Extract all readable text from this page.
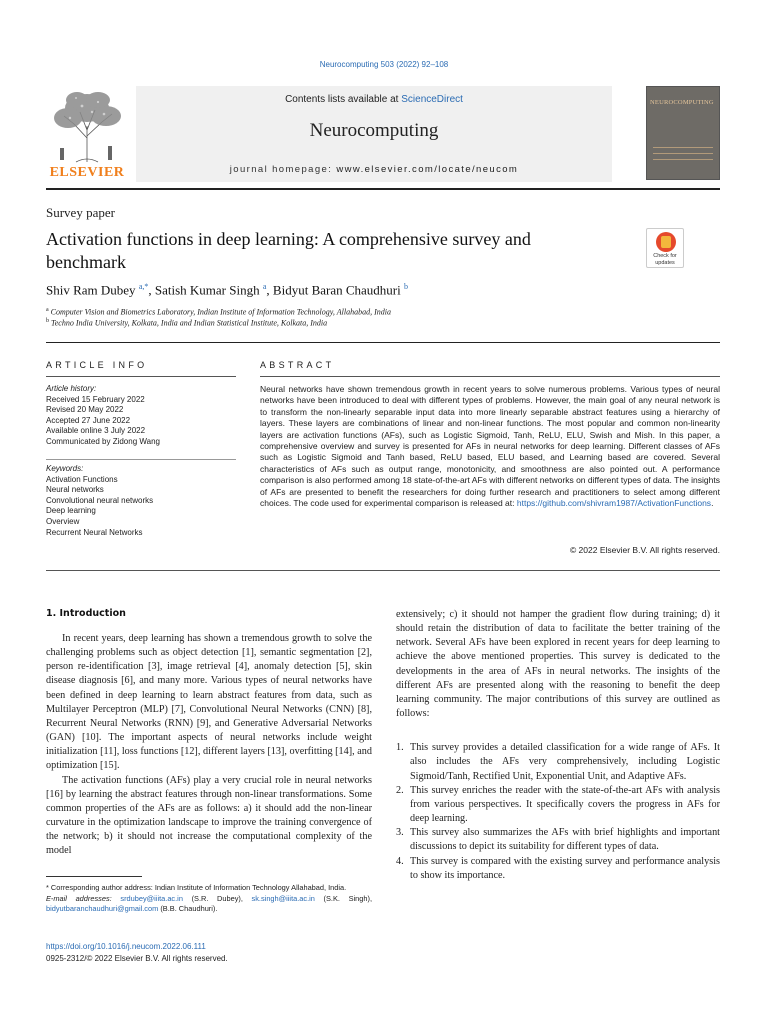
Neurocomputing 503 (2022) 92–108
ELSEVIER
Contents lists available at ScienceDirect
Neurocomputing
journal homepage: www.elsevier.com/locate/neucom
NEUROCOMPUTING
Survey paper
Activation functions in deep learning: A comprehensive survey and
benchmark	Check for
updates
Shiv Ram Dubey $^{a,*}$, Satish Kumar Singh $^a$, Bidyut Baran Chaudhuri $^b$
$^a$ Computer Vision and Biometrics Laboratory, Indian Institute of Information Technology, Allahabad, India
$^b$ Techno India University, Kolkata, India and Indian Statistical Institute, Kolkata, India
ARTICLE INFO	ABSTRACT
Article history:
Received 15 February 2022
Revised 20 May 2022
Accepted 27 June 2022
Available online 3 July 2022
Communicated by Zidong Wang
Keywords:
Activation Functions
Neural networks
Convolutional neural networks
Deep learning
Overview
Recurrent Neural Networks
Neural networks have shown tremendous growth in recent years to solve numerous problems. Various types of neural networks have been introduced to deal with different types of problems. However, the main goal of any neural network is to transform the non-linearly separable input data into more linearly separable abstract features using a hierarchy of layers. These layers are combinations of linear and non-linear functions. The most popular and common non-linearity layers are activation functions (AFs), such as Logistic Sigmoid, Tanh, ReLU, ELU, Swish and Mish. In this paper, a comprehensive overview and survey is presented for AFs in neural networks for deep learning. Different classes of AFs such as Logistic Sigmoid and Tanh based, ReLU based, ELU based, and Learning based are covered. Several characteristics of AFs such as output range, monotonicity, and smoothness are also pointed out. A performance comparison is also performed among 18 state-of-the-art AFs with different networks on different types of data. The insights of AFs are presented to benefit the researchers for doing further research and practitioners to select among different choices. The code used for experimental comparison is released at: https://github.com/shivram1987/ActivationFunctions.
© 2022 Elsevier B.V. All rights reserved.
1. Introduction

In recent years, deep learning has shown a tremendous growth to solve the challenging problems such as object detection [1], semantic segmentation [2], person re-identification [3], image retrieval [4], anomaly detection [5], skin disease diagnosis [6], and many more. Various types of neural networks have been defined in deep learning to learn abstract features from data, such as Multilayer Perceptron (MLP) [7], Convolutional Neural Networks (CNN) [8], Recurrent Neural Networks (RNN) [9], and Generative Adversarial Networks (GAN) [10]. The important aspects of neural networks include weight initialization [11], loss functions [12], different layers [13], overfitting [14], and optimization [15].

The activation functions (AFs) play a very crucial role in neural networks [16] by learning the abstract features through non-linear transformations. Some common properties of the AFs are as follows: a) it should add the non-linear curvature in the optimization landscape to improve the training convergence of the network; b) it should not increase the computational complexity of the model

extensively; c) it should not hamper the gradient flow during training; d) it should retain the distribution of data to facilitate the better training of the network. Several AFs have been explored in recent years for deep learning to achieve the above mentioned properties. This survey is dedicated to the developments in the area of AFs in neural networks. The insights of the different AFs are presented along with the reasoning to benefit the deep learning community. The major contributions of this survey are outlined as follows:

1. This survey provides a detailed classification for a wide range of AFs. It also includes the AFs very comprehensively, including Logistic Sigmoid/Tanh, Rectified Unit, Exponential Unit, and Adaptive AFs.
2. This survey enriches the reader with the state-of-the-art AFs with analysis from various perspectives. It specifically covers the progress in AFs for deep learning.
3. This survey also summarizes the AFs with brief highlights and important discussions to depict its suitability for different types of data.
4. This survey is compared with the existing survey and performance analysis to show its importance.
* Corresponding author address: Indian Institute of Information Technology Allahabad, India.
E-mail addresses: srdubey@iiita.ac.in (S.R. Dubey), sk.singh@iiita.ac.in (S.K. Singh), bidyutbaranchaudhuri@gmail.com (B.B. Chaudhuri).
https://doi.org/10.1016/j.neucom.2022.06.111
0925-2312/© 2022 Elsevier B.V. All rights reserved.
